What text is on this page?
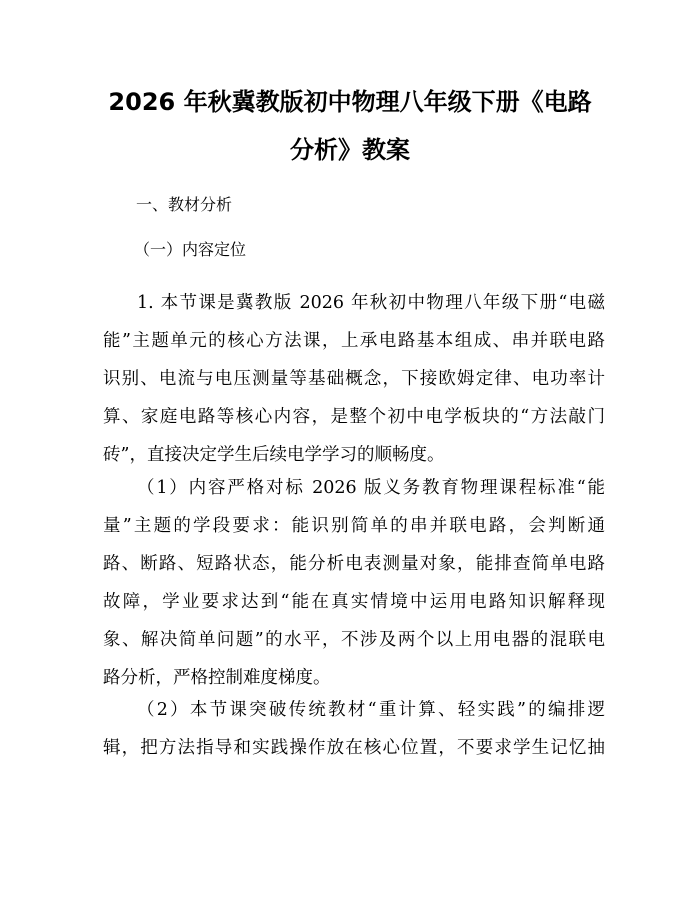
2026 年秋冀教版初中物理八年级下册《电路
分析》教案
一、教材分析
（一）内容定位

1. 本节课是冀教版 2026 年秋初中物理八年级下册“电磁
能”主题单元的核心方法课，上承电路基本组成、串并联电路
识别、电流与电压测量等基础概念，下接欧姆定律、电功率计
算、家庭电路等核心内容，是整个初中电学板块的“方法敲门
砖”，直接决定学生后续电学学习的顺畅度。

（1）内容严格对标 2026 版义务教育物理课程标准“能
量”主题的学段要求：能识别简单的串并联电路，会判断通
路、断路、短路状态，能分析电表测量对象，能排查简单电路
故障，学业要求达到“能在真实情境中运用电路知识解释现
象、解决简单问题”的水平，不涉及两个以上用电器的混联电
路分析，严格控制难度梯度。

（2）本节课突破传统教材“重计算、轻实践”的编排逻
辑，把方法指导和实践操作放在核心位置，不要求学生记忆抽
